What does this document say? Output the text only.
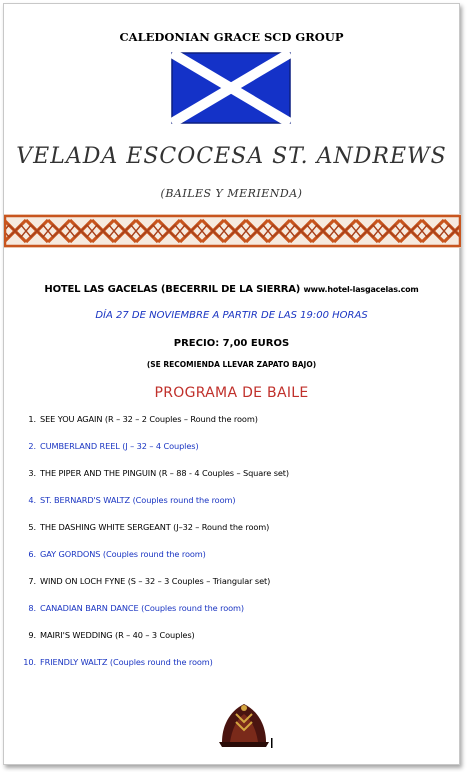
CALEDONIAN GRACE SCD GROUP
VELADA ESCOCESA ST. ANDREWS
(BAILES Y MERIENDA)
HOTEL LAS GACELAS (BECERRIL DE LA SIERRA) www.hotel-lasgacelas.com
DÍA 27 DE NOVIEMBRE A PARTIR DE LAS 19:00 HORAS
PRECIO: 7,00 EUROS
(SE RECOMIENDA LLEVAR ZAPATO BAJO)
PROGRAMA DE BAILE
1. SEE YOU AGAIN (R – 32 – 2 Couples – Round the room)
2. CUMBERLAND REEL (J – 32 – 4 Couples)
3. THE PIPER AND THE PINGUIN (R – 88 - 4 Couples – Square set)
4. ST. BERNARD'S WALTZ (Couples round the room)
5. THE DASHING WHITE SERGEANT (J–32 – Round the room)
6. GAY GORDONS (Couples round the room)
7. WIND ON LOCH FYNE (S – 32 – 3 Couples – Triangular set)
8. CANADIAN BARN DANCE (Couples round the room)
9. MAIRI'S WEDDING (R – 40 – 3 Couples)
10. FRIENDLY WALTZ (Couples round the room)
